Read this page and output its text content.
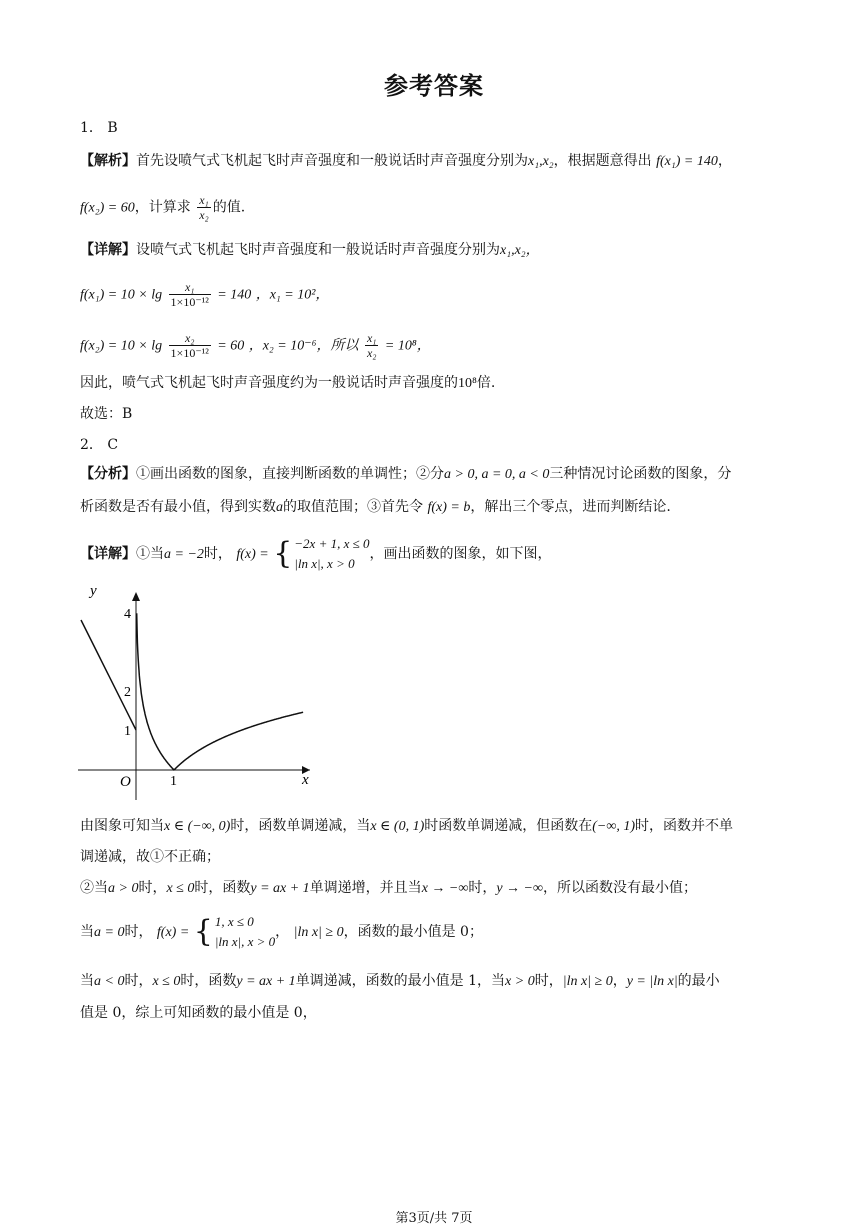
参考答案
1． B
【解析】首先设喷气式飞机起飞时声音强度和一般说话时声音强度分别为x₁,x₂，根据题意得出 f(x₁) = 140，
f(x₂) = 60，计算求 $\frac{\text{x₁}}{\text{x₂}}$ 的值.
【详解】设喷气式飞机起飞时声音强度和一般说话时声音强度分别为x₁,x₂，
$f(x_1) = 10 \times \lg \frac{\text{x₁}}{\text{1×10⁻¹²}} = 140$ ，x₁ = 10²，
$f(x_2) = 10 \times \lg \frac{\text{x₂}}{\text{1×10⁻¹²}} = 60$ ，x₂ = 10⁻⁶，所以 $\frac{\text{x₁}}{\text{x₂}} = 10^8$，
因此，喷气式飞机起飞时声音强度约为一般说话时声音强度的10⁸倍.
故选：B
2． C
【分析】①画出函数的图象，直接判断函数的单调性；②分a > 0, a = 0, a < 0三种情况讨论函数的图象，分
析函数是否有最小值，得到实数a的取值范围；③首先令 f(x) = b，解出三个零点，进而判断结论.
【详解】①当a = −2时， f(x) = { −2x + 1, x ≤ 0
|ln x|, x > 0
，画出函数的图象，如下图，
y
x
O
4
2
1
1
由图象可知当x ∈ (−∞, 0)时，函数单调递减，当x ∈ (0, 1)时函数单调递减，但函数在(−∞, 1)时，函数并不单
调递减，故①不正确；
②当a > 0时，x ≤ 0时，函数y = ax + 1单调递增，并且当x → −∞时，y → −∞，所以函数没有最小值；
当a = 0时， f(x) = { 1, x ≤ 0
|ln x|, x > 0
， |ln x| ≥ 0，函数的最小值是 0；
当a < 0时，x ≤ 0时，函数y = ax + 1单调递减，函数的最小值是 1，当x > 0时，|ln x| ≥ 0，y = |ln x|的最小
值是 0，综上可知函数的最小值是 0，
第3页/共 7页
